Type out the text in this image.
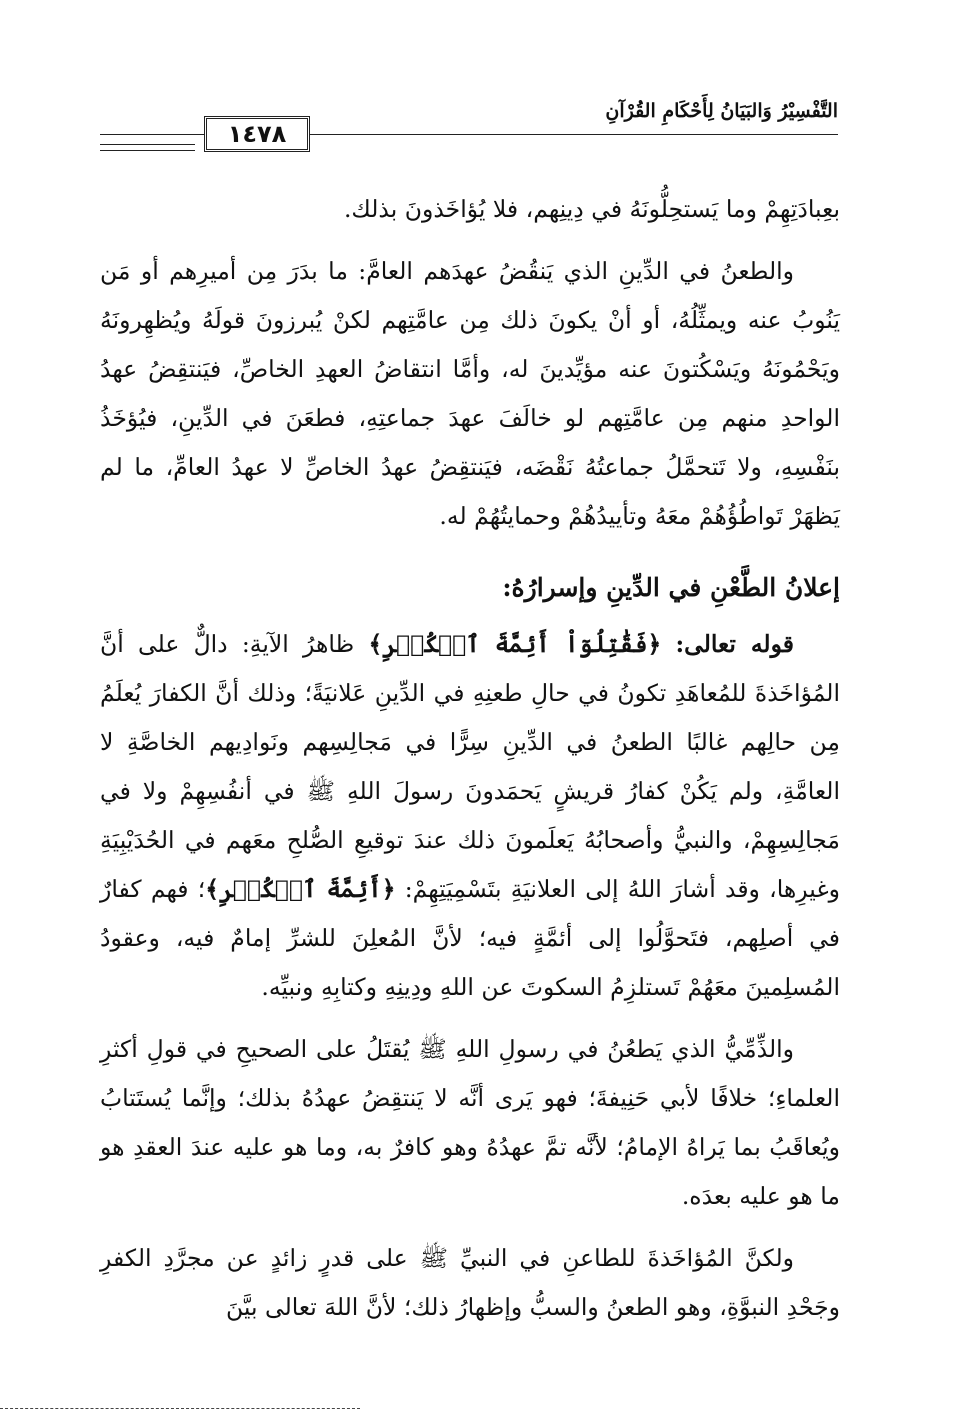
التَّفْسِيْرُ وَالبَيَانُ لِأَحْكَامِ القُرْآنِ
١٤٧٨

بعِبادَتِهِمْ وما يَستحِلُّونَهُ في دِينِهم، فلا يُؤاخَذونَ بذلك.

والطعنُ في الدِّينِ الذي يَنقُضُ عهدَهم العامَّ: ما بدَرَ مِن أميرِهم أو مَن يَنُوبُ عنه ويمثِّلُهُ، أو أنْ يكونَ ذلك مِن عامَّتِهم لكنْ يُبرزونَ قولَهُ ويُظهِرونَهُ ويَحْمُونَهُ ويَسْكُتونَ عنه مؤيِّدينَ له، وأمَّا انتقاضُ العهدِ الخاصِّ، فيَنتقِضُ عهدُ الواحدِ منهم مِن عامَّتِهم لو خالَفَ عهدَ جماعتِهِ، فطعَنَ في الدِّينِ، فيُؤخَذُ بنَفْسِهِ، ولا تَتحمَّلُ جماعتُهُ نَقْضَه، فيَنتقِضُ عهدُ الخاصِّ لا عهدُ العامِّ، ما لم يَظهَرْ تَواطُؤُهُمْ معَهُ وتأييدُهُمْ وحمايتُهُمْ له.

إعلانُ الطَّعْنِ في الدِّينِ وإسرارُهُ:

قوله تعالى: ﴿فَقَٰتِلُوٓاْ أَئِمَّةَ ٱلۡكُفۡرِ﴾ ظاهرُ الآيةِ: دالٌّ على أنَّ المُؤاخَذةَ للمُعاهَدِ تكونُ في حالِ طعنِهِ في الدِّينِ عَلانيَةً؛ وذلك أنَّ الكفارَ يُعلَمُ مِن حالِهم غالبًا الطعنُ في الدِّينِ سِرًّا في مَجالِسِهم ونَوادِيهم الخاصَّةِ لا العامَّةِ، ولم يَكُنْ كفارُ قريشٍ يَحمَدونَ رسولَ اللهِ ﷺ في أنفُسِهِمْ ولا في مَجالِسِهِمْ، والنبيُّ وأصحابُهُ يَعلَمونَ ذلك عندَ توقيعِ الصُّلحِ معَهم في الحُدَيْبِيَةِ وغيرِها، وقد أشارَ اللهُ إلى العلانيَةِ بتَسْمِيَتِهِمْ: ﴿أَئِمَّةَ ٱلۡكُفۡرِ﴾؛ فهم كفارٌ في أصلِهم، فتَحوَّلُوا إلى أئمَّةٍ فيه؛ لأنَّ المُعلِنَ للشرِّ إمامٌ فيه، وعقودُ المُسلِمينَ معَهُمْ تَستلزِمُ السكوتَ عن اللهِ ودِينِهِ وكتابِهِ ونبيِّه.

والذِّمِّيُّ الذي يَطعُنُ في رسولِ اللهِ ﷺ يُقتَلُ على الصحيحِ في قولِ أكثرِ العلماءِ؛ خلافًا لأبي حَنِيفةَ؛ فهو يَرى أنَّه لا يَنتقِضُ عهدُهُ بذلك؛ وإنَّما يُستَتابُ ويُعاقَبُ بما يَراهُ الإمامُ؛ لأنَّه تمَّ عهدُهُ وهو كافرٌ به، وما هو عليه عندَ العقدِ هو ما هو عليه بعدَه.

ولكنَّ المُؤاخَذةَ للطاعنِ في النبيِّ ﷺ على قدرٍ زائدٍ عن مجرَّدِ الكفرِ وجَحْدِ النبوَّةِ، وهو الطعنُ والسبُّ وإظهارُ ذلك؛ لأنَّ اللهَ تعالى بيَّنَ
